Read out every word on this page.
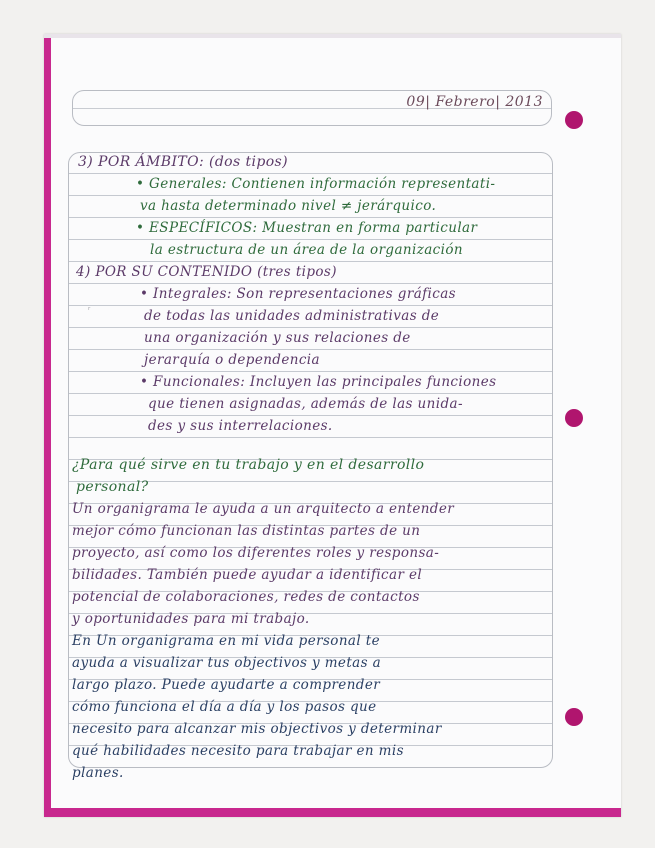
09| Febrero| 2013
ʳ
3) POR ÁMBITO: (dos tipos)
• Generales: Contienen información representati-
va hasta determinado nivel ≠ jerárquico.
• ESPECÍFICOS: Muestran en forma particular
la estructura de un área de la organización
4) POR SU CONTENIDO (tres tipos)
• Integrales: Son representaciones gráficas
de todas las unidades administrativas de
una organización y sus relaciones de
jerarquía o dependencia
• Funcionales: Incluyen las principales funciones
que tienen asignadas, además de las unida-
des y sus interrelaciones.
¿Para qué sirve en tu trabajo y en el desarrollo
personal?
Un organigrama le ayuda a un arquitecto a entender
mejor cómo funcionan las distintas partes de un
proyecto, así como los diferentes roles y responsa-
bilidades. También puede ayudar a identificar el
potencial de colaboraciones, redes de contactos
y oportunidades para mi trabajo.
En Un organigrama en mi vida personal te
ayuda a visualizar tus objectivos y metas a
largo plazo. Puede ayudarte a comprender
cómo funciona el día a día y los pasos que
necesito para alcanzar mis objectivos y determinar
qué habilidades necesito para trabajar en mis
planes.
